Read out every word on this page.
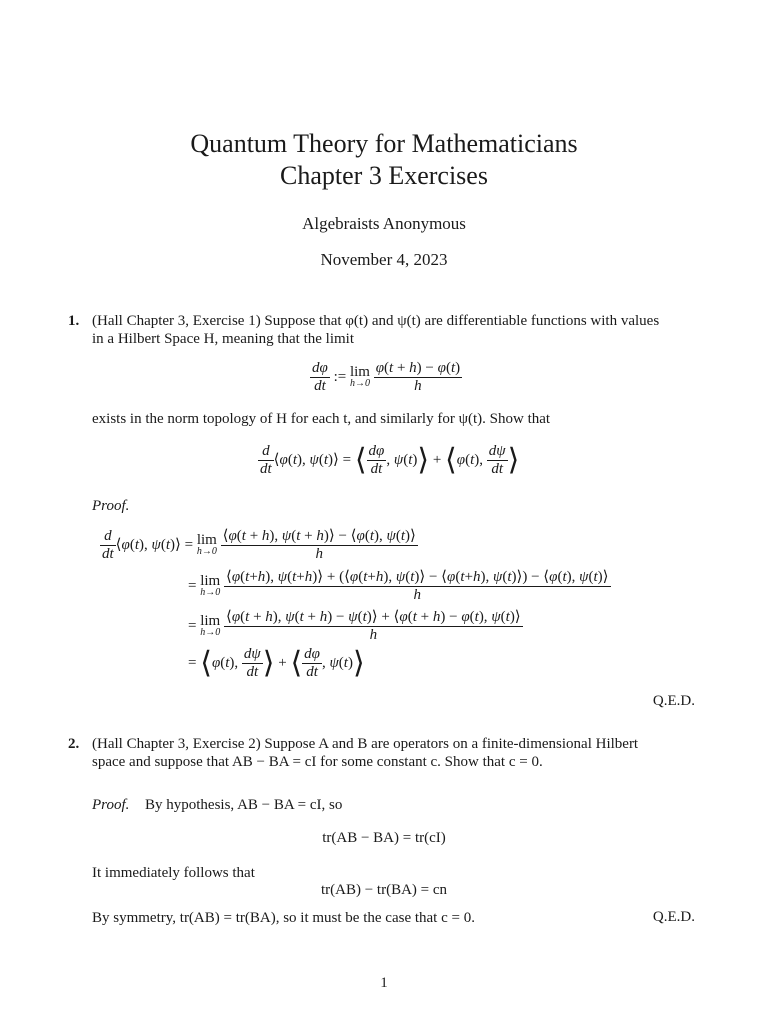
Quantum Theory for Mathematicians
Chapter 3 Exercises
Algebraists Anonymous
November 4, 2023
1. (Hall Chapter 3, Exercise 1) Suppose that φ(t) and ψ(t) are differentiable functions with values
in a Hilbert Space H, meaning that the limit
$\frac{d\varphi}{dt}$ := lim
h→0
$\frac{\varphi(t + h) - \varphi(t)}{h}$
exists in the norm topology of H for each t, and similarly for ψ(t). Show that
$\frac{d}{dt}$ ⟨φ(t), ψ(t)⟩ = ⟨ $\frac{d\varphi}{dt}$ , ψ(t)⟩ + ⟨φ(t), $\frac{d\psi}{dt}$ ⟩
Proof.
$\frac{d}{dt}$ ⟨φ(t), ψ(t)⟩ = lim
h→0
$\frac{⟨\varphi(t + h), \psi(t + h)⟩ - ⟨\varphi(t), \psi(t)⟩}{h}$
= lim
h→0

⟨φ(t+h), ψ(t+h)⟩ + (⟨φ(t+h), ψ(t)⟩ − ⟨φ(t+h), ψ(t)⟩) − ⟨φ(t), ψ(t)⟩
h
= lim
h→0
$\frac{⟨\varphi(t + h), \psi(t + h) - \psi(t)⟩ + ⟨\varphi(t + h) - \varphi(t), \psi(t)⟩}{h}$
= ⟨φ(t), $\frac{d\psi}{dt}$ ⟩ + ⟨ $\frac{d\varphi}{dt}$ , ψ(t)⟩
Q.E.D.
2. (Hall Chapter 3, Exercise 2) Suppose A and B are operators on a finite-dimensional Hilbert
space and suppose that AB − BA = cI for some constant c. Show that c = 0.
Proof. By hypothesis, AB − BA = cI, so
tr(AB − BA) = tr(cI)
It immediately follows that
tr(AB) − tr(BA) = cn
By symmetry, tr(AB) = tr(BA), so it must be the case that c = 0.	Q.E.D.
1
